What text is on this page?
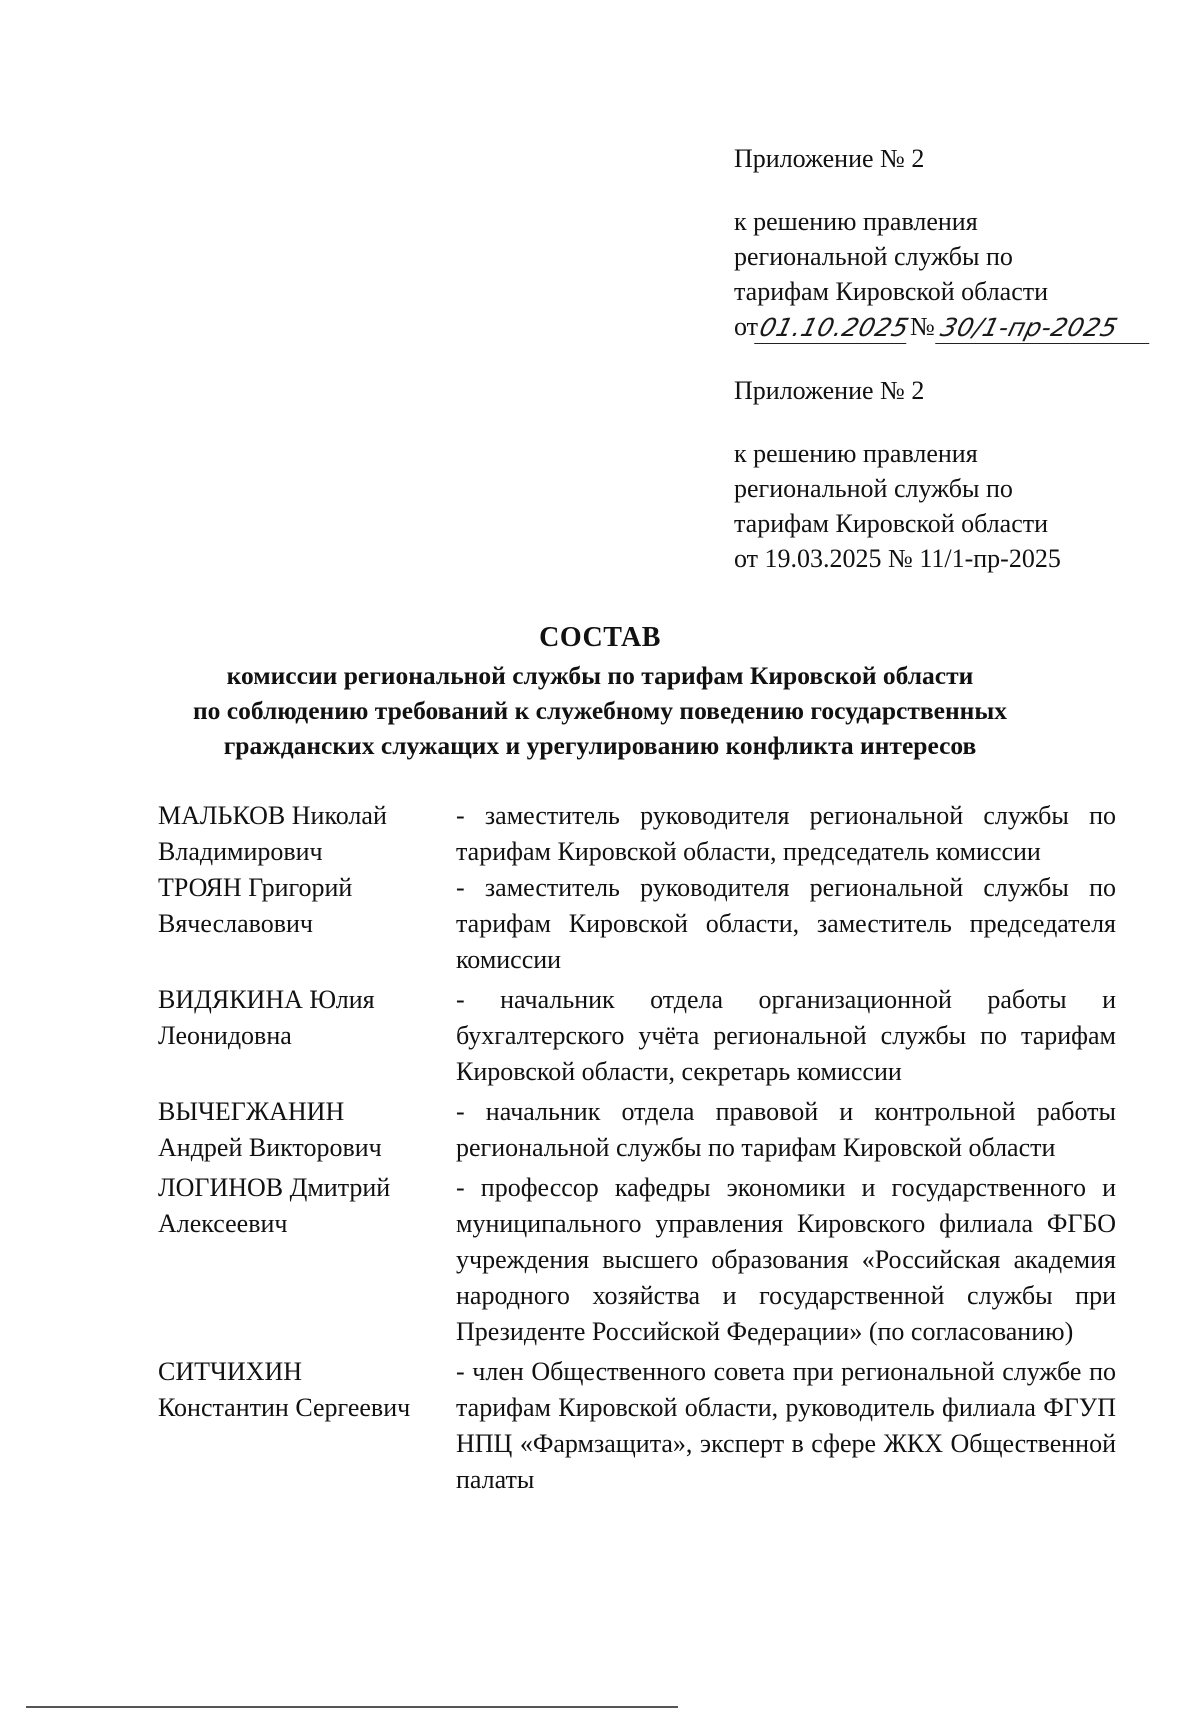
Приложение № 2

к решению правления

региональной службы по

тарифам Кировской области

от
01.10.2025
№ 30/1-пр-2025

Приложение № 2

к решению правления

региональной службы по

тарифам Кировской области

от 19.03.2025 № 11/1-пр-2025

СОСТАВ
комиссии региональной службы по тарифам Кировской области
по соблюдению требований к служебному поведению государственных
гражданских служащих и урегулированию конфликта интересов
МАЛЬКОВ Николай
Владимирович
- заместитель руководителя региональной службы по тарифам Кировской области, председатель комиссии
ТРОЯН Григорий
Вячеславович
- заместитель руководителя региональной службы по тарифам Кировской области, заместитель председателя комиссии
ВИДЯКИНА Юлия
Леонидовна
- начальник отдела организационной работы и бухгалтерского учёта региональной службы по тарифам Кировской области, секретарь комиссии
ВЫЧЕГЖАНИН
Андрей Викторович
- начальник отдела правовой и контрольной работы региональной службы по тарифам Кировской области
ЛОГИНОВ Дмитрий
Алексеевич
- профессор кафедры экономики и государственного и муниципального управления Кировского филиала ФГБО учреждения высшего образования «Российская академия народного хозяйства и государственной службы при Президенте Российской Федерации» (по согласованию)
СИТЧИХИН
Константин Сергеевич
- член Общественного совета при региональной службе по тарифам Кировской области, руководитель филиала ФГУП НПЦ «Фармзащита», эксперт в сфере ЖКХ Общественной палаты
